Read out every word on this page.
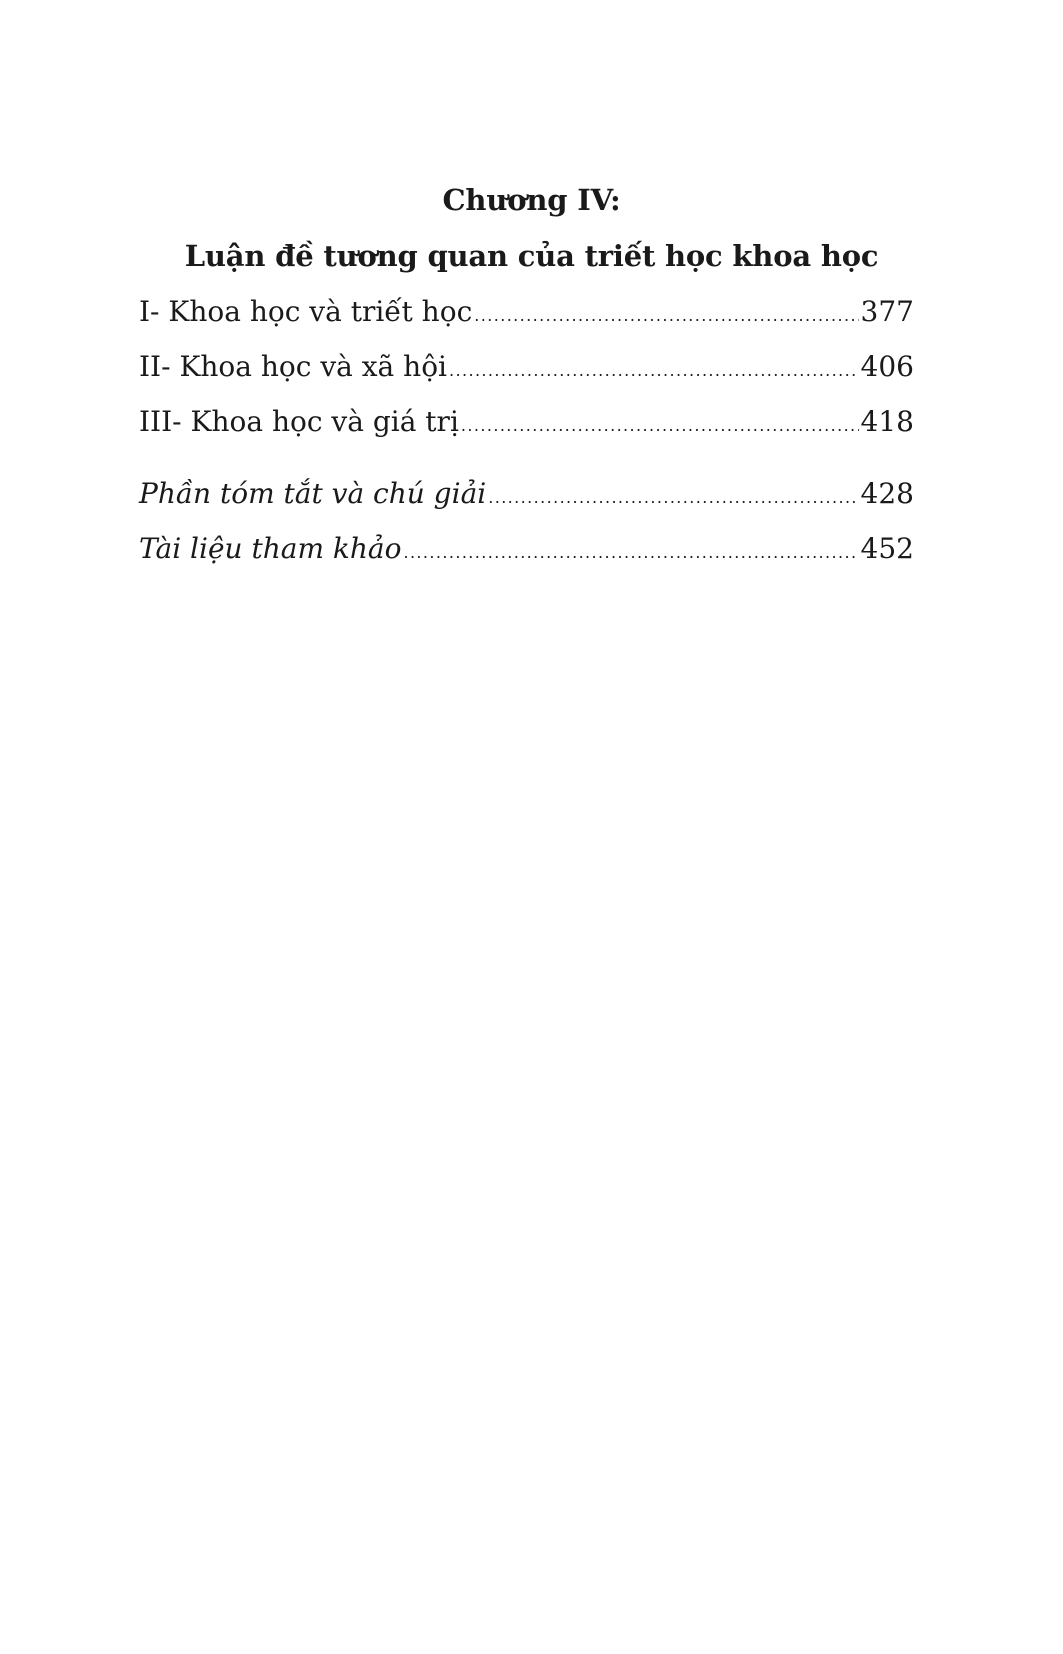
Chương IV:
Luận đề tương quan của triết học khoa học
I- Khoa học và triết học .....	377
II- Khoa học và xã hội .....	406
III- Khoa học và giá trị .....	418
Phần tóm tắt và chú giải .....	428
Tài liệu tham khảo .....	452
